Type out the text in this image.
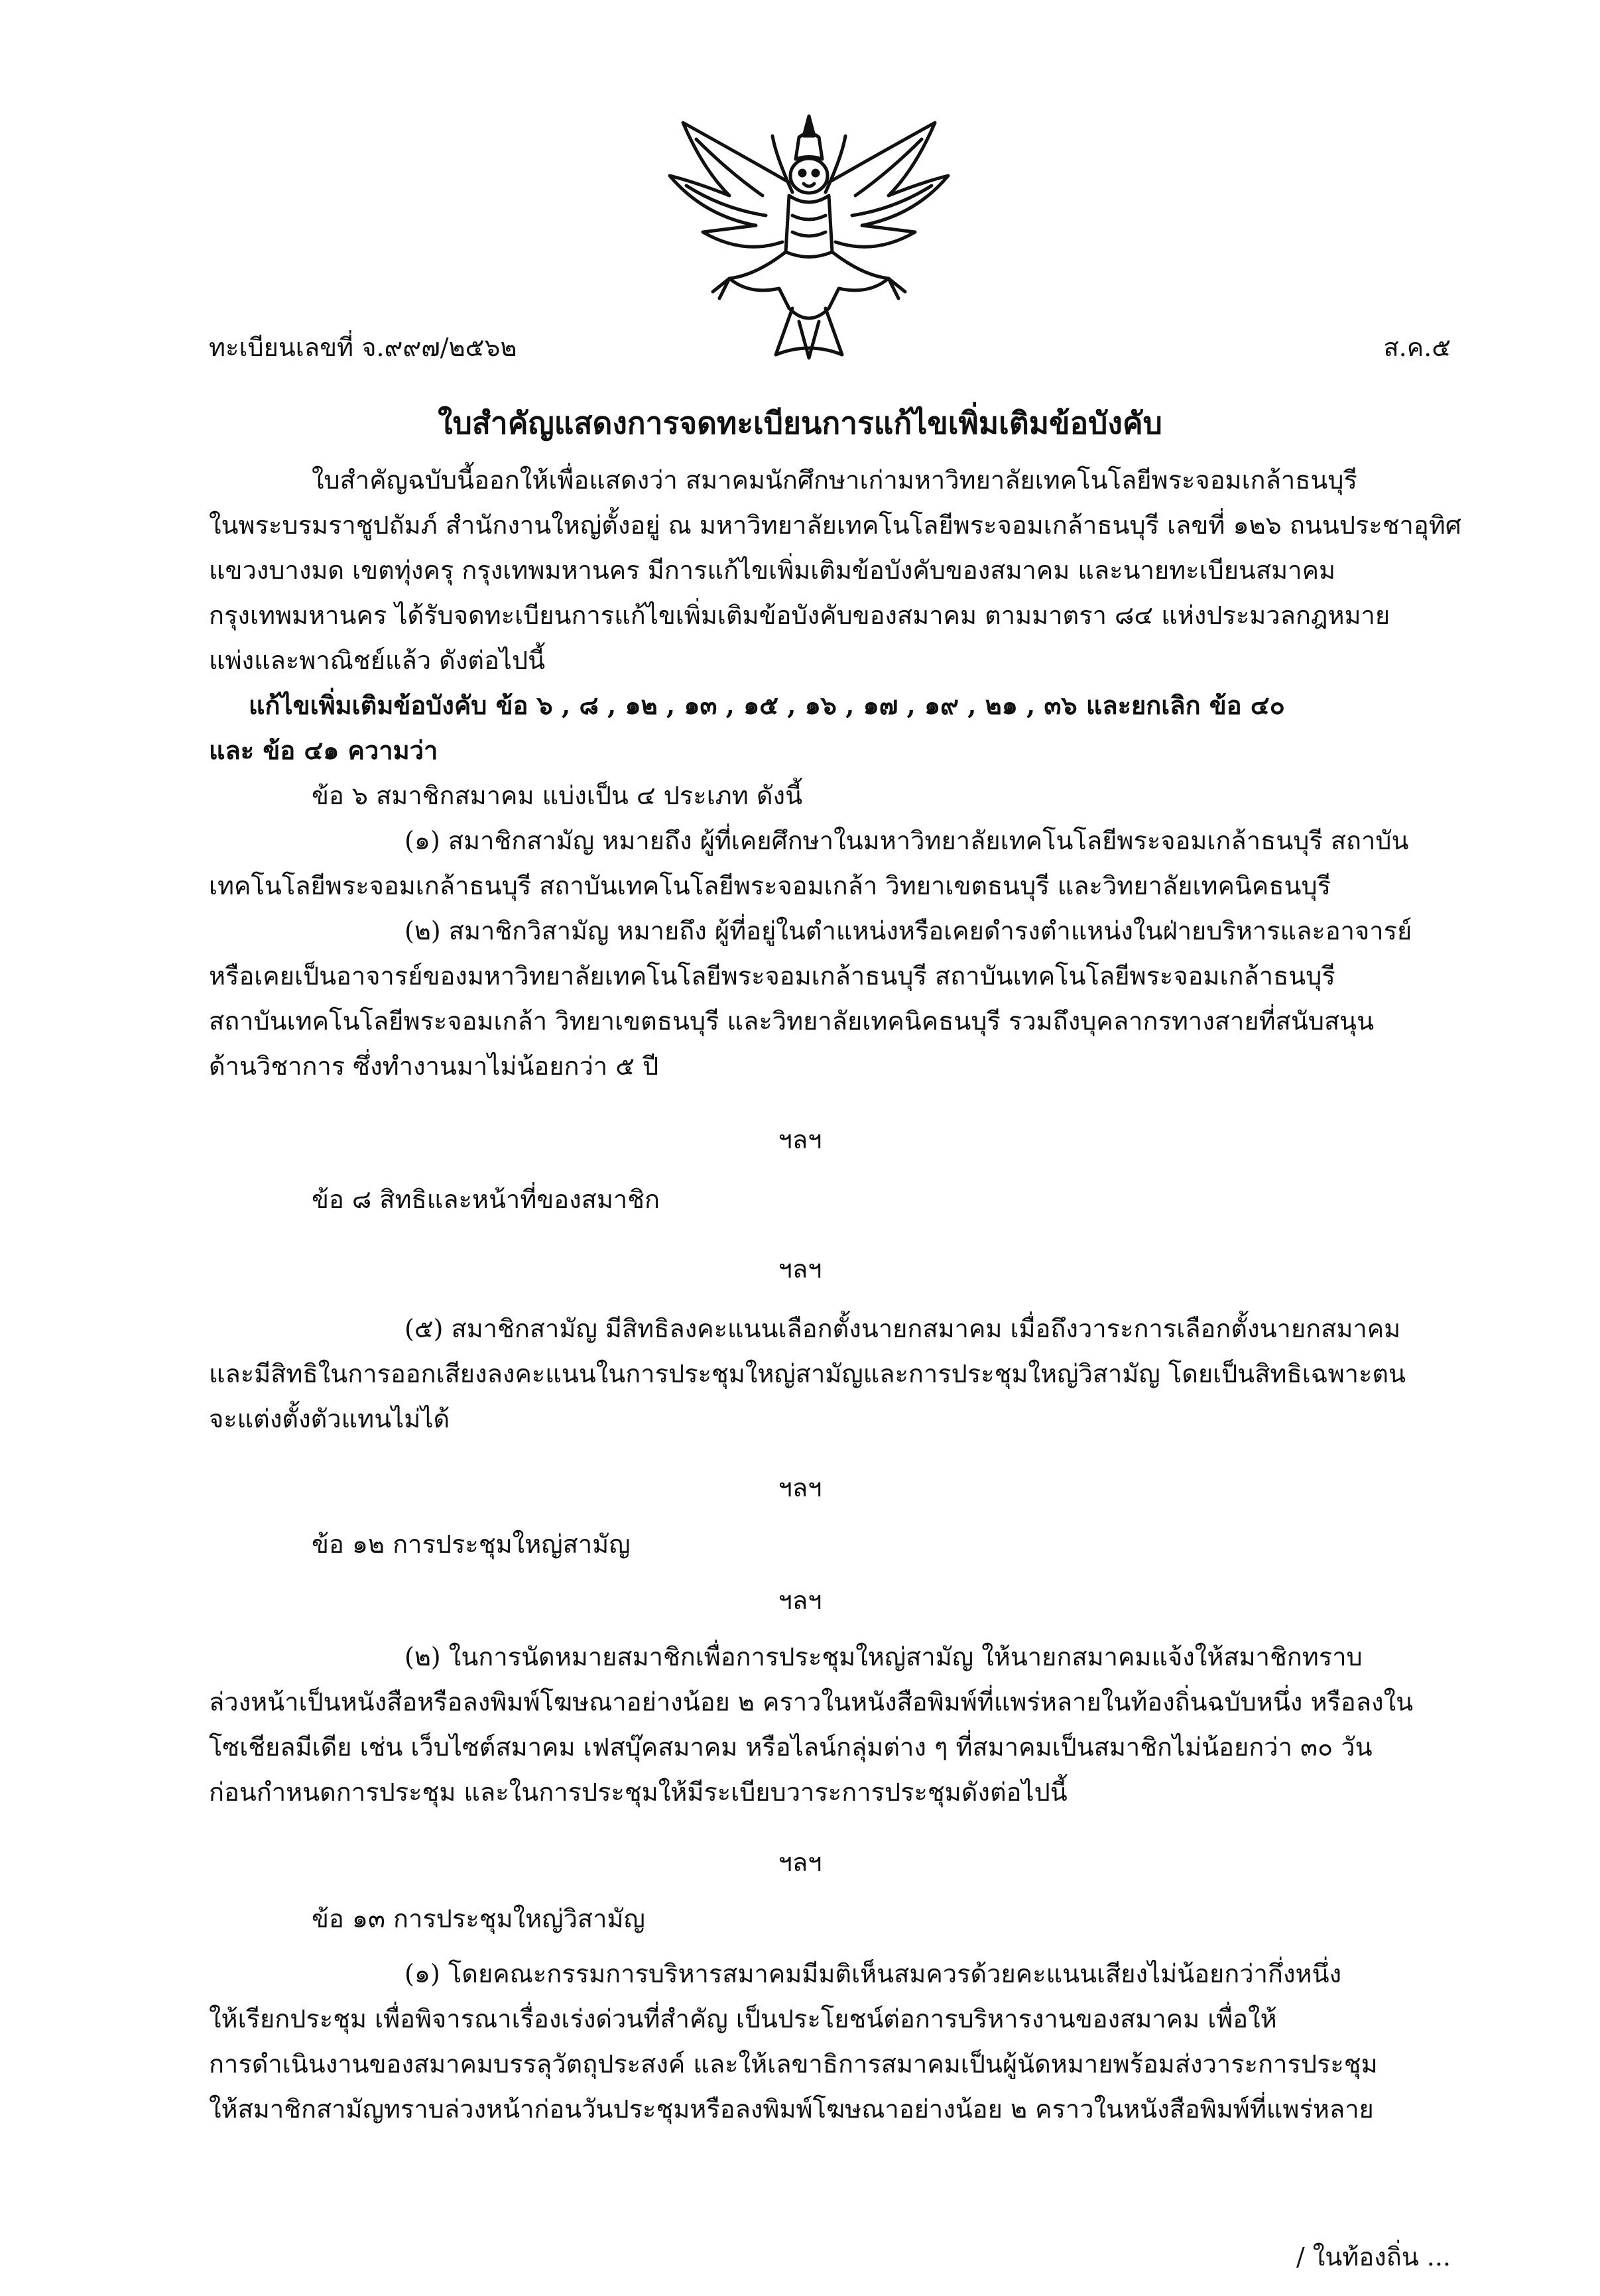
ทะเบียนเลขที่ จ.๙๙๗/๒๕๖๒	ส.ค.๕
ใบสำคัญแสดงการจดทะเบียนการแก้ไขเพิ่มเติมข้อบังคับ
ใบสำคัญฉบับนี้ออกให้เพื่อแสดงว่า สมาคมนักศึกษาเก่ามหาวิทยาลัยเทคโนโลยีพระจอมเกล้าธนบุรี
ในพระบรมราชูปถัมภ์ สำนักงานใหญ่ตั้งอยู่ ณ มหาวิทยาลัยเทคโนโลยีพระจอมเกล้าธนบุรี เลขที่ ๑๒๖ ถนนประชาอุทิศ
แขวงบางมด เขตทุ่งครุ กรุงเทพมหานคร มีการแก้ไขเพิ่มเติมข้อบังคับของสมาคม และนายทะเบียนสมาคม
กรุงเทพมหานคร ได้รับจดทะเบียนการแก้ไขเพิ่มเติมข้อบังคับของสมาคม ตามมาตรา ๘๔ แห่งประมวลกฎหมาย
แพ่งและพาณิชย์แล้ว ดังต่อไปนี้
แก้ไขเพิ่มเติมข้อบังคับ ข้อ ๖ , ๘ , ๑๒ , ๑๓ , ๑๕ , ๑๖ , ๑๗ , ๑๙ , ๒๑ , ๓๖ และยกเลิก ข้อ ๔๐
และ ข้อ ๔๑ ความว่า
ข้อ ๖ สมาชิกสมาคม แบ่งเป็น ๔ ประเภท ดังนี้
(๑) สมาชิกสามัญ หมายถึง ผู้ที่เคยศึกษาในมหาวิทยาลัยเทคโนโลยีพระจอมเกล้าธนบุรี สถาบัน
เทคโนโลยีพระจอมเกล้าธนบุรี สถาบันเทคโนโลยีพระจอมเกล้า วิทยาเขตธนบุรี และวิทยาลัยเทคนิคธนบุรี
(๒) สมาชิกวิสามัญ หมายถึง ผู้ที่อยู่ในตำแหน่งหรือเคยดำรงตำแหน่งในฝ่ายบริหารและอาจารย์
หรือเคยเป็นอาจารย์ของมหาวิทยาลัยเทคโนโลยีพระจอมเกล้าธนบุรี สถาบันเทคโนโลยีพระจอมเกล้าธนบุรี
สถาบันเทคโนโลยีพระจอมเกล้า วิทยาเขตธนบุรี และวิทยาลัยเทคนิคธนบุรี รวมถึงบุคลากรทางสายที่สนับสนุน
ด้านวิชาการ ซึ่งทำงานมาไม่น้อยกว่า ๕ ปี
ฯลฯ
ข้อ ๘ สิทธิและหน้าที่ของสมาชิก
ฯลฯ
(๕) สมาชิกสามัญ มีสิทธิลงคะแนนเลือกตั้งนายกสมาคม เมื่อถึงวาระการเลือกตั้งนายกสมาคม
และมีสิทธิในการออกเสียงลงคะแนนในการประชุมใหญ่สามัญและการประชุมใหญ่วิสามัญ โดยเป็นสิทธิเฉพาะตน
จะแต่งตั้งตัวแทนไม่ได้
ฯลฯ
ข้อ ๑๒ การประชุมใหญ่สามัญ
ฯลฯ
(๒) ในการนัดหมายสมาชิกเพื่อการประชุมใหญ่สามัญ ให้นายกสมาคมแจ้งให้สมาชิกทราบ
ล่วงหน้าเป็นหนังสือหรือลงพิมพ์โฆษณาอย่างน้อย ๒ คราวในหนังสือพิมพ์ที่แพร่หลายในท้องถิ่นฉบับหนึ่ง หรือลงใน
โซเชียลมีเดีย เช่น เว็บไซต์สมาคม เฟสบุ๊คสมาคม หรือไลน์กลุ่มต่าง ๆ ที่สมาคมเป็นสมาชิกไม่น้อยกว่า ๓๐ วัน
ก่อนกำหนดการประชุม และในการประชุมให้มีระเบียบวาระการประชุมดังต่อไปนี้
ฯลฯ
ข้อ ๑๓ การประชุมใหญ่วิสามัญ
(๑) โดยคณะกรรมการบริหารสมาคมมีมติเห็นสมควรด้วยคะแนนเสียงไม่น้อยกว่ากึ่งหนึ่ง
ให้เรียกประชุม เพื่อพิจารณาเรื่องเร่งด่วนที่สำคัญ เป็นประโยชน์ต่อการบริหารงานของสมาคม เพื่อให้
การดำเนินงานของสมาคมบรรลุวัตถุประสงค์ และให้เลขาธิการสมาคมเป็นผู้นัดหมายพร้อมส่งวาระการประชุม
ให้สมาชิกสามัญทราบล่วงหน้าก่อนวันประชุมหรือลงพิมพ์โฆษณาอย่างน้อย ๒ คราวในหนังสือพิมพ์ที่แพร่หลาย
/ ในท้องถิ่น ...
